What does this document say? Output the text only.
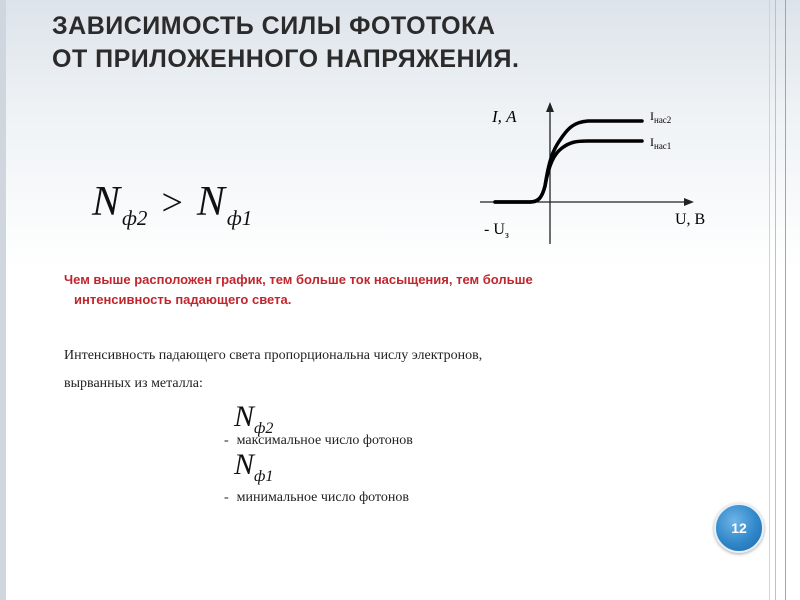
ЗАВИСИМОСТЬ СИЛЫ ФОТОТОКА
ОТ ПРИЛОЖЕННОГО НАПРЯЖЕНИЯ.
Nф2 > Nф1
I, А
U, В
- $U_з$
$I_{нас2}$
$I_{нас1}$

Чем выше расположен график, тем больше ток насыщения, тем больше
интенсивность падающего света.

Интенсивность падающего света пропорциональна числу электронов,

вырванных из металла:

Nф2
- максимальное число фотонов
Nф1
- минимальное число фотонов
12
